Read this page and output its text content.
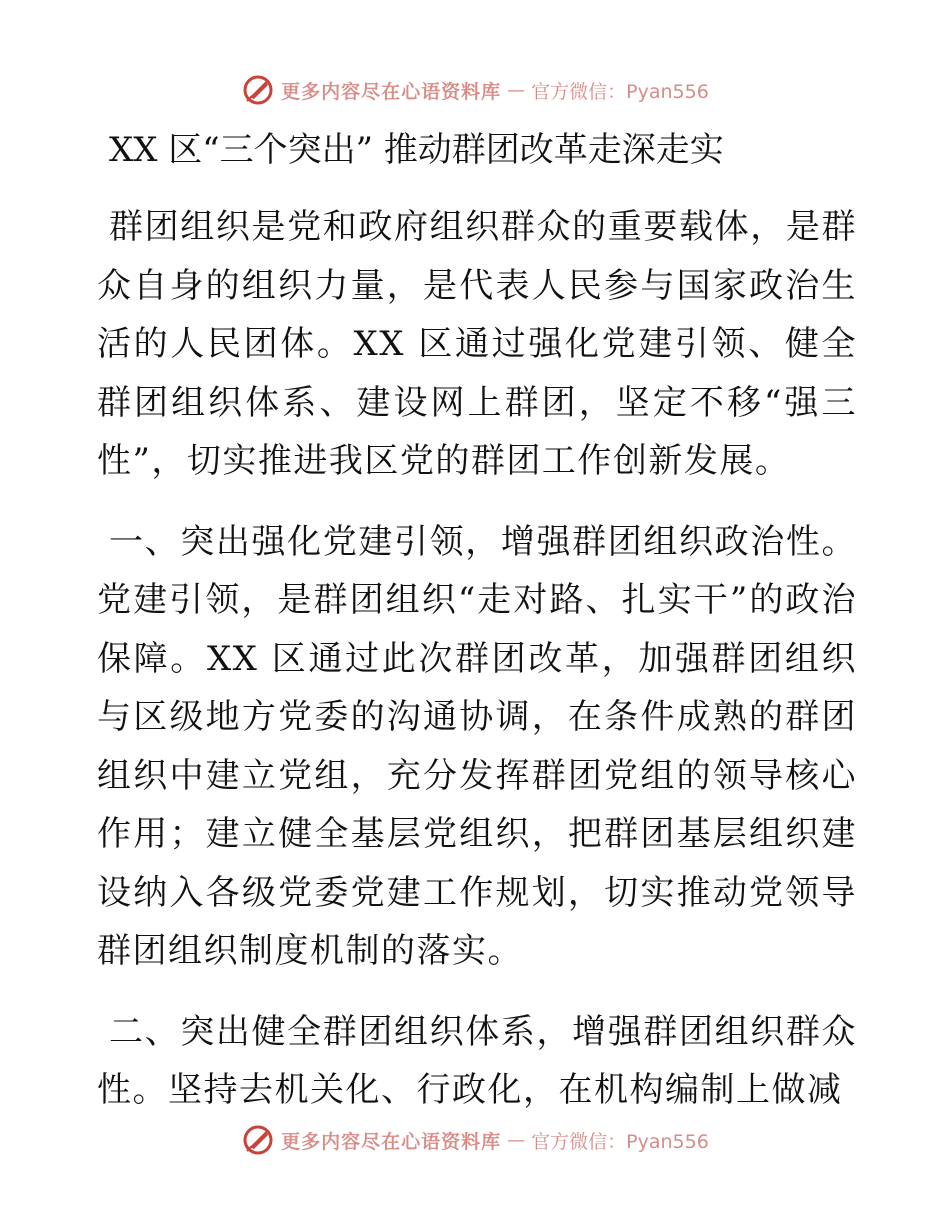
更多内容尽在心语资料库 — 官方微信：Pyan556
XX 区“三个突出” 推动群团改革走深走实

群团组织是党和政府组织群众的重要载体，是群众自身的组织力量，是代表人民参与国家政治生活的人民团体。XX 区通过强化党建引领、健全群团组织体系、建设网上群团，坚定不移“强三性”，切实推进我区党的群团工作创新发展。

一、突出强化党建引领，增强群团组织政治性。党建引领，是群团组织“走对路、扎实干”的政治保障。XX 区通过此次群团改革，加强群团组织与区级地方党委的沟通协调，在条件成熟的群团组织中建立党组，充分发挥群团党组的领导核心作用；建立健全基层党组织，把群团基层组织建设纳入各级党委党建工作规划，切实推动党领导群团组织制度机制的落实。

二、突出健全群团组织体系，增强群团组织群众性。坚持去机关化、行政化，在机构编制上做减

更多内容尽在心语资料库 — 官方微信：Pyan556
